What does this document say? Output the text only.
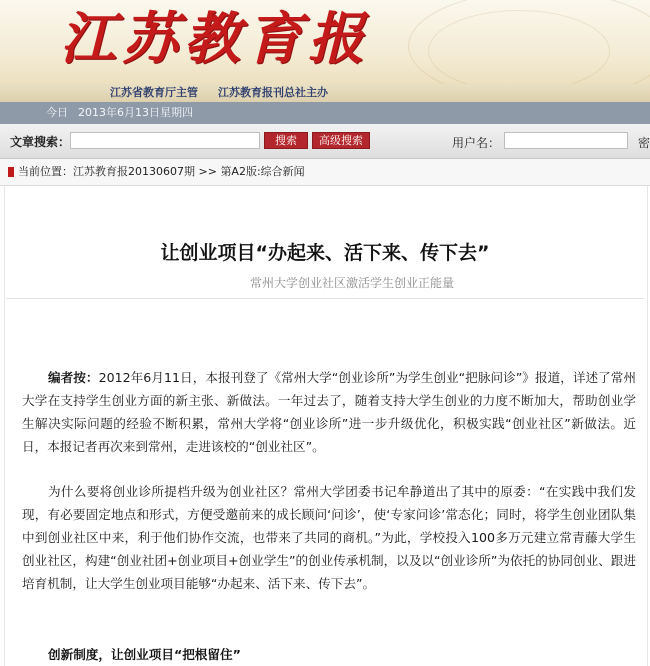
江苏教育报
江苏省教育厅主管 江苏教育报刊总社主办
今日 2013年6月13日 星期四
文章搜索：	搜索	高级搜索	用户名：	密
当前位置：江苏教育报20130607期 >> 第A2版:综合新闻
让创业项目“办起来、活下来、传下去”
常州大学创业社区激活学生创业正能量
编者按：2012年6月11日，本报刊登了《常州大学“创业诊所”为学生创业“把脉问诊”》报道，详述了常州大学在支持学生创业方面的新主张、新做法。一年过去了，随着支持大学生创业的力度不断加大，帮助创业学生解决实际问题的经验不断积累，常州大学将“创业诊所”进一步升级优化，积极实践“创业社区”新做法。近日，本报记者再次来到常州，走进该校的“创业社区”。
为什么要将创业诊所提档升级为创业社区？常州大学团委书记牟静道出了其中的原委：“在实践中我们发现，有必要固定地点和形式，方便受邀前来的成长顾问‘问诊’，使‘专家问诊’常态化；同时，将学生创业团队集中到创业社区中来，利于他们协作交流，也带来了共同的商机。”为此，学校投入100多万元建立常青藤大学生创业社区，构建“创业社团+创业项目+创业学生”的创业传承机制，以及以“创业诊所”为依托的协同创业、跟进培育机制，让大学生创业项目能够“办起来、活下来、传下去”。
创新制度，让创业项目“把根留住”
